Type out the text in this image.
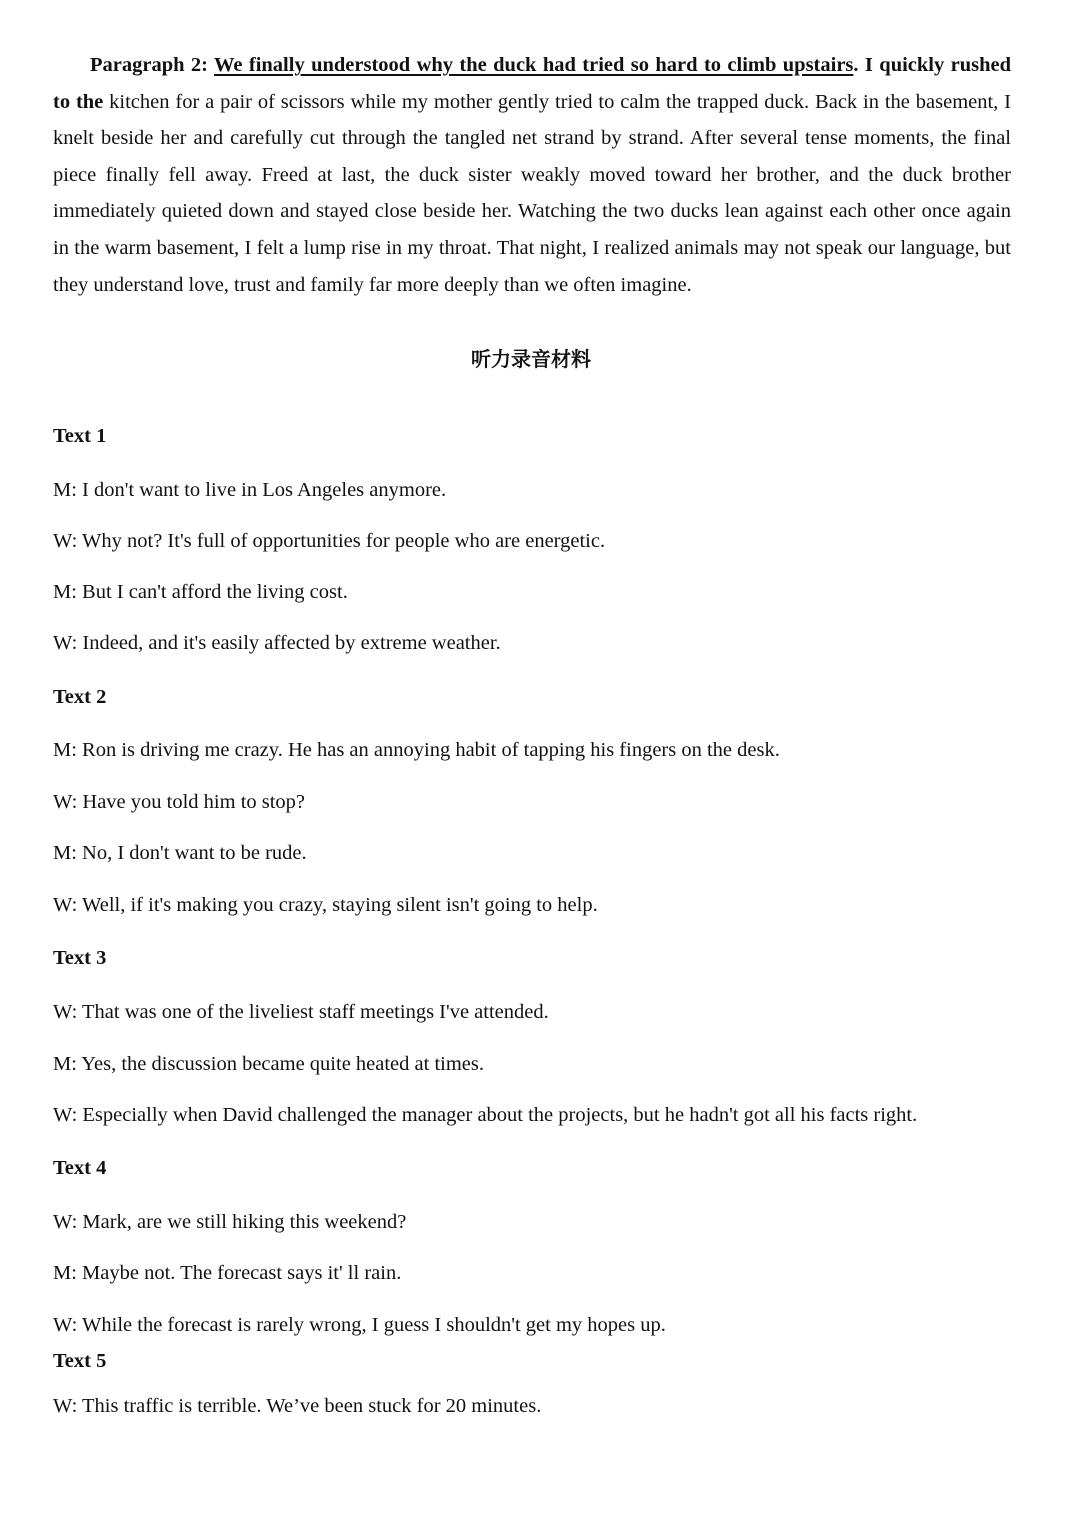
Paragraph 2: We finally understood why the duck had tried so hard to climb upstairs. I quickly rushed to the kitchen for a pair of scissors while my mother gently tried to calm the trapped duck. Back in the basement, I knelt beside her and carefully cut through the tangled net strand by strand. After several tense moments, the final piece finally fell away. Freed at last, the duck sister weakly moved toward her brother, and the duck brother immediately quieted down and stayed close beside her. Watching the two ducks lean against each other once again in the warm basement, I felt a lump rise in my throat. That night, I realized animals may not speak our language, but they understand love, trust and family far more deeply than we often imagine.
听力录音材料
Text 1
M: I don't want to live in Los Angeles anymore.
W: Why not? It's full of opportunities for people who are energetic.
M: But I can't afford the living cost.
W: Indeed, and it's easily affected by extreme weather.
Text 2
M: Ron is driving me crazy. He has an annoying habit of tapping his fingers on the desk.
W: Have you told him to stop?
M: No, I don't want to be rude.
W: Well, if it's making you crazy, staying silent isn't going to help.
Text 3
W: That was one of the liveliest staff meetings I've attended.
M: Yes, the discussion became quite heated at times.
W: Especially when David challenged the manager about the projects, but he hadn't got all his facts right.
Text 4
W: Mark, are we still hiking this weekend?
M: Maybe not. The forecast says it' ll rain.
W: While the forecast is rarely wrong, I guess I shouldn't get my hopes up.
Text 5
W: This traffic is terrible. We’ve been stuck for 20 minutes.
